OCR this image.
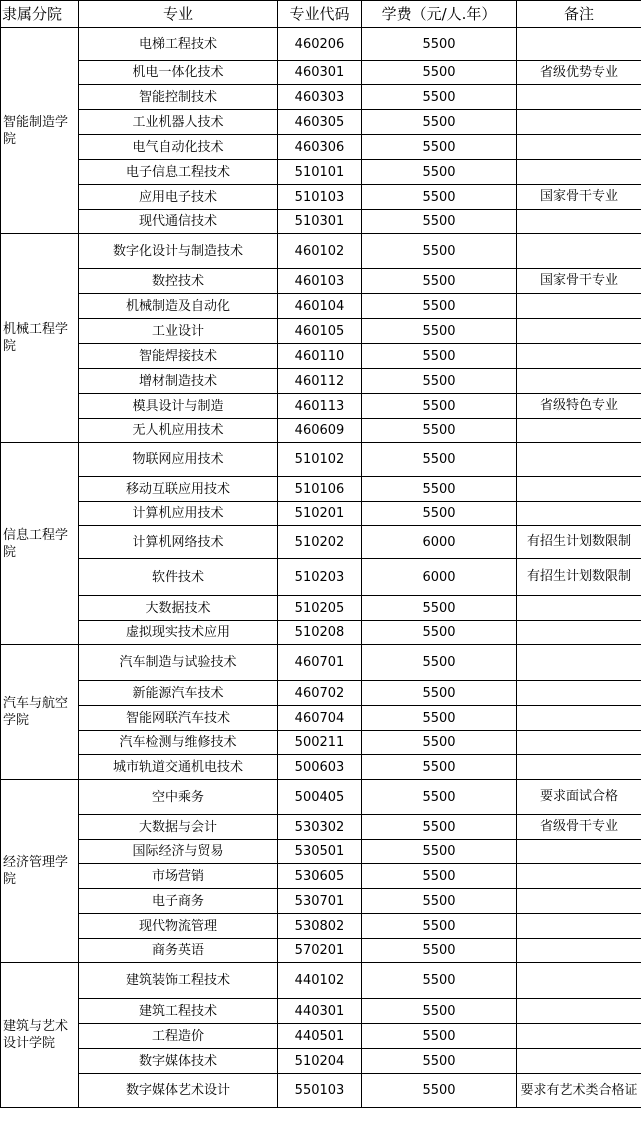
隶属分院	专业	专业代码	学费（元/人.年）	备注
智能制造学院	电梯工程技术	460206	5500	
	机电一体化技术	460301	5500	省级优势专业
	智能控制技术	460303	5500	
	工业机器人技术	460305	5500	
	电气自动化技术	460306	5500	
	电子信息工程技术	510101	5500	
	应用电子技术	510103	5500	国家骨干专业
	现代通信技术	510301	5500	
机械工程学院	数字化设计与制造技术	460102	5500	
	数控技术	460103	5500	国家骨干专业
	机械制造及自动化	460104	5500	
	工业设计	460105	5500	
	智能焊接技术	460110	5500	
	增材制造技术	460112	5500	
	模具设计与制造	460113	5500	省级特色专业
	无人机应用技术	460609	5500	
信息工程学院	物联网应用技术	510102	5500	
	移动互联应用技术	510106	5500	
	计算机应用技术	510201	5500	
	计算机网络技术	510202	6000	有招生计划数限制
	软件技术	510203	6000	有招生计划数限制
	大数据技术	510205	5500	
	虚拟现实技术应用	510208	5500	
汽车与航空学院	汽车制造与试验技术	460701	5500	
	新能源汽车技术	460702	5500	
	智能网联汽车技术	460704	5500	
	汽车检测与维修技术	500211	5500	
	城市轨道交通机电技术	500603	5500	
经济管理学院	空中乘务	500405	5500	要求面试合格
	大数据与会计	530302	5500	省级骨干专业
	国际经济与贸易	530501	5500	
	市场营销	530605	5500	
	电子商务	530701	5500	
	现代物流管理	530802	5500	
	商务英语	570201	5500	
建筑与艺术设计学院	建筑装饰工程技术	440102	5500	
	建筑工程技术	440301	5500	
	工程造价	440501	5500	
	数字媒体技术	510204	5500	
	数字媒体艺术设计	550103	5500	要求有艺术类合格证
